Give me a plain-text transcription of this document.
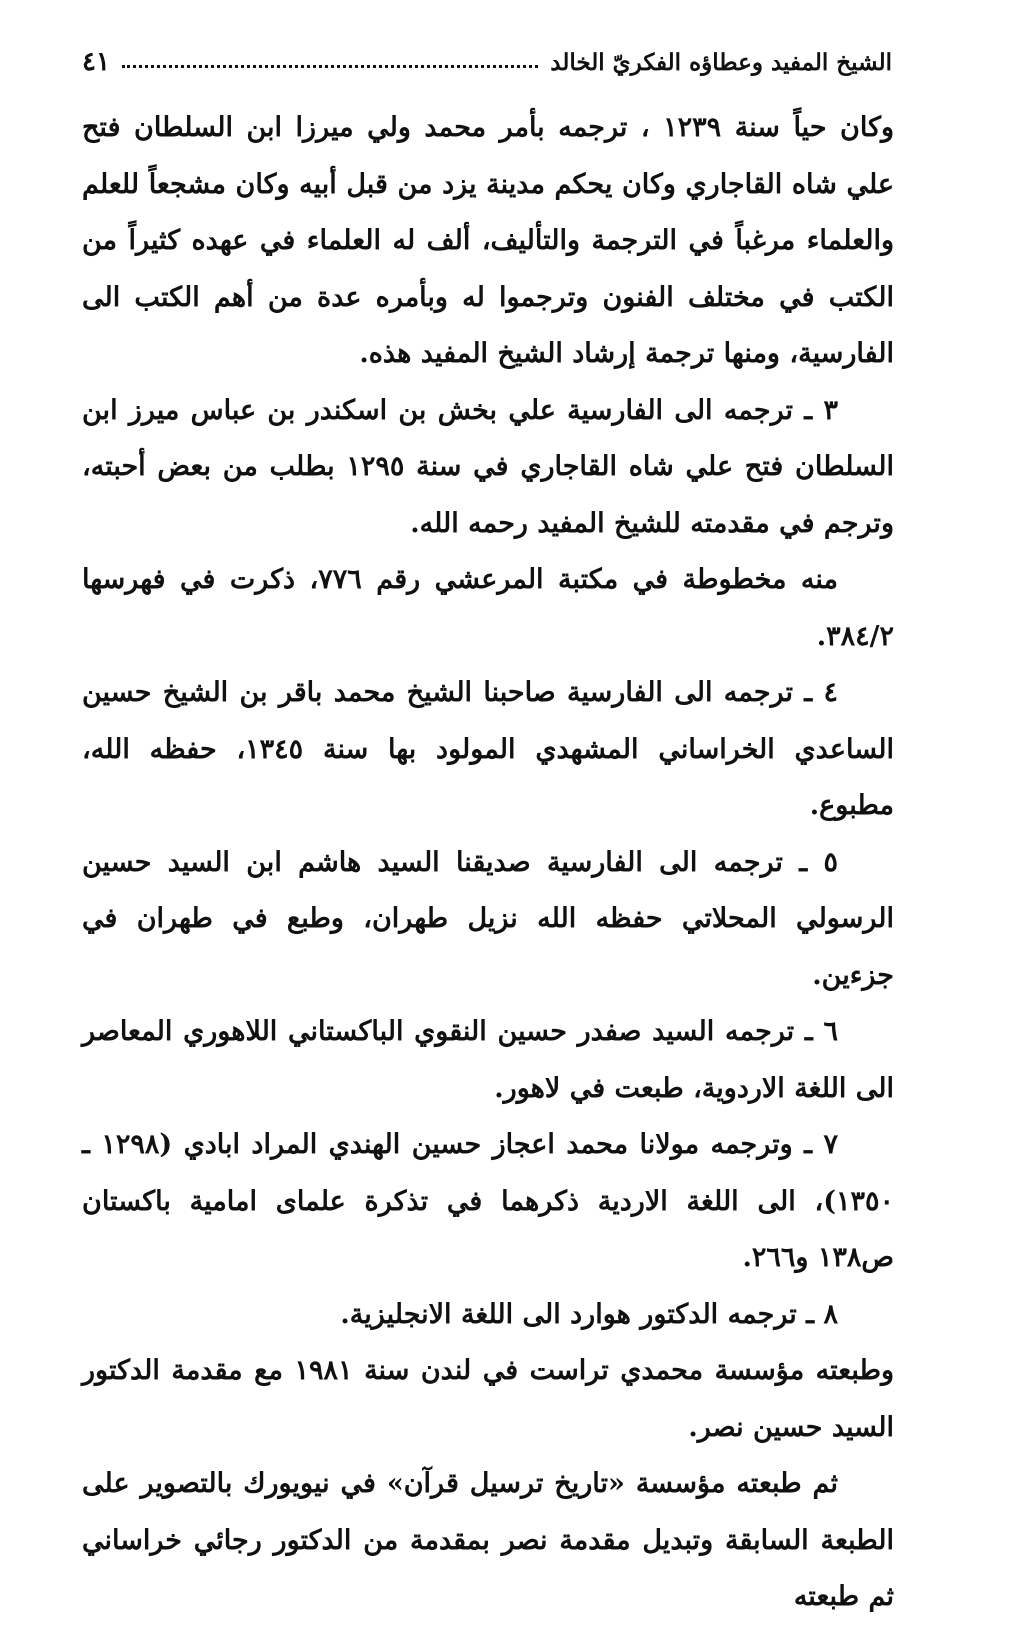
الشيخ المفيد وعطاؤه الفكريّ الخالد
٤١

وكان حياً سنة ١٢٣٩ ، ترجمه بأمر محمد ولي ميرزا ابن السلطان فتح علي شاه القاجاري وكان يحكم مدينة يزد من قبل أبيه وكان مشجعاً للعلم والعلماء مرغباً في الترجمة والتأليف، ألف له العلماء في عهده كثيراً من الكتب في مختلف الفنون وترجموا له وبأمره عدة من أهم الكتب الى الفارسية، ومنها ترجمة إرشاد الشيخ المفيد هذه.

٣ ـ ترجمه الى الفارسية علي بخش بن اسكندر بن عباس ميرز ابن السلطان فتح علي شاه القاجاري في سنة ١٢٩٥ بطلب من بعض أحبته، وترجم في مقدمته للشيخ المفيد رحمه الله.

منه مخطوطة في مكتبة المرعشي رقم ٧٧٦، ذكرت في فهرسها ٣٨٤/٢.

٤ ـ ترجمه الى الفارسية صاحبنا الشيخ محمد باقر بن الشيخ حسين الساعدي الخراساني المشهدي المولود بها سنة ١٣٤٥، حفظه الله، مطبوع.

٥ ـ ترجمه الى الفارسية صديقنا السيد هاشم ابن السيد حسين الرسولي المحلاتي حفظه الله نزيل طهران، وطبع في طهران في جزءين.

٦ ـ ترجمه السيد صفدر حسين النقوي الباكستاني اللاهوري المعاصر الى اللغة الاردوية، طبعت في لاهور.

٧ ـ وترجمه مولانا محمد اعجاز حسين الهندي المراد ابادي (١٢٩٨ ـ ١٣٥٠)، الى اللغة الاردية ذكرهما في تذكرة علماى امامية باكستان ص١٣٨ و٢٦٦.

٨ ـ ترجمه الدكتور هوارد الى اللغة الانجليزية.

وطبعته مؤسسة محمدي تراست في لندن سنة ١٩٨١ مع مقدمة الدكتور السيد حسين نصر.

ثم طبعته مؤسسة «تاريخ ترسيل قرآن» في نيويورك بالتصوير على الطبعة السابقة وتبديل مقدمة نصر بمقدمة من الدكتور رجائي خراساني ثم طبعته
